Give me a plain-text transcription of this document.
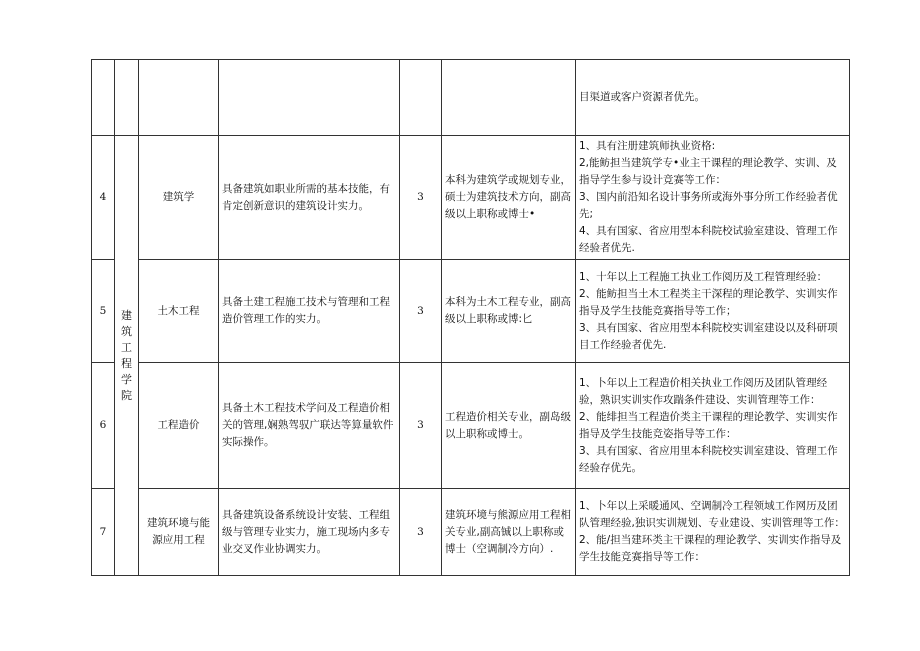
						目渠道或客户资源者优先。

4	建筑工程学院	建筑学	具备建筑如职业所需的基本技能，有肯定创新意识的建筑设计实力。	3	本科为建筑学或规划专业，硕士为建筑技术方向，副高级以上职称或博士•	1、具有注册建筑师执业资格:
2,能鲂担当建筑学专•业主干课程的理论教学、实训、及指导学生参与设计竞赛等工作：
3、国内前沿知名设计事务所或海外事分所工作经验者优先;
4、具有国家、省应用型本科院校试验室建设、管理工作经验者优先.

5		土木工程	具备土建工程施工技术与管理和工程造价管理工作的实力。	3	本科为土木工程专业，副高级以上职称或博:匕	1、十年以上工程施工执业工作阅历及工程管理经验：
2、能鲂担当土木工程类主干深程的理论教学、实训实作指导及学生技能竞赛指导等工作；
3、具有国家、省应用型本科院校实训室建设以及科研项目工作经验者优先.

6		工程造价	具备土木工程技术学问及工程造价相关的管理,娴熟驾驭广联达等算量软件实际操作。	3	工程造价相关专业，副岛级以上职称或博士。	1、卜年以上工程造价相关执业工作阅历及团队管理经验，熟识实训实作攻踹条件建设、实训管理等工作：
2、能绯担当工程造价类主干课程的理论教学、实训实作指导及学生技能竞姿指导等工作：
3、具有国家、省应用里本科院校实训室建设、管理工作经验存优先。

7		建筑环境与能源应用工程	具备建筑设备系统设计安装、工程组级与管理专业实力，施工现场内多专业交叉作业协调实力。	3	建筑环境与熊源应用工程相关专业,副高铖以上职称或博士（空调制冷方向）.	1、卜年以上采暖通风、空调制冷工程领域工作网历及团队管理经验,独识实训规划、专业建设、实训管理等工作：
2、能/担当建环类主干课程的理论教学、实训实作指导及学生技能竞赛指导等工作：
